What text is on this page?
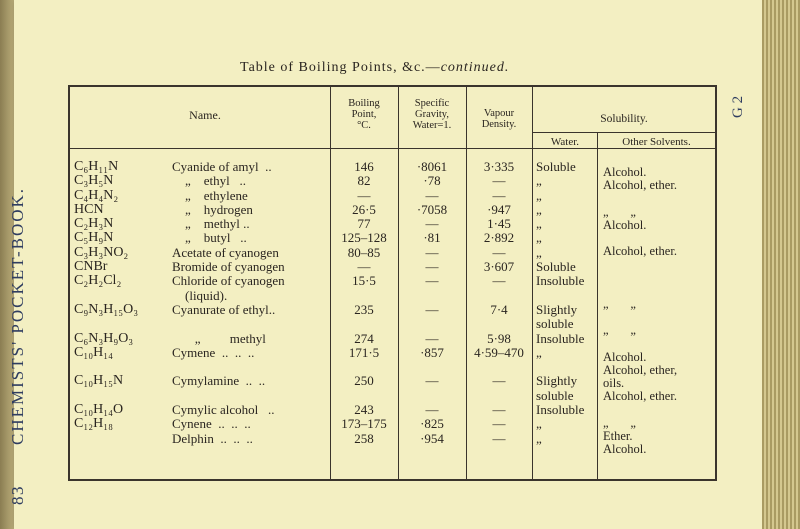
83
CHEMISTS' POCKET-BOOK.
G 2
Table of Boiling Points, &c.—continued.
Name.
Boiling
Point,
°C.
Specific
Gravity,
Water=1.
Vapour
Density.	Solubility.
Water.	Other Solvents.
C₆H₁₁N
C₃H₅N
C₄H₄N₂
HCN
C₂H₃N
C₅H₉N
C₃H₃NO₂
CNBr
C₂H₂Cl₂
C₉N₃H₁₅O₃
C₆N₃H₉O₃
C₁₀H₁₄
C₁₀H₁₅N
C₁₀H₁₄O
C₁₂H₁₈
Cyanide of amyl  ..
„    ethyl   ..
„    ethylene
„    hydrogen
„    methyl ..
„    butyl   ..
Acetate of cyanogen
Bromide of cyanogen
Chloride of cyanogen
(liquid).
Cyanurate of ethyl..
„         methyl
Cymene  ..  ..  ..
Cymylamine  ..  ..
Cymylic alcohol   ..
Cynene  ..  ..  ..
Delphin  ..  ..  ..
146
82
—
26·5
77
125–128
80–85
—
15·5
235
274
171·5
250
243
173–175
258
·8061
·78
—
·7058
—
·81
—
—
—
—
—
·857
—
—
·825
·954
3·335
—
—
·947
1·45
2·892
—
3·607
—
7·4
5·98
4·59–470
—
—
—
—
Soluble
„
„
„
„
„
„
Soluble
Insoluble
Slightly
soluble
Insoluble
„
Slightly
soluble
Insoluble
„
„
Alcohol.
Alcohol, ether.
„       „
Alcohol.
Alcohol, ether.
„       „
„       „
Alcohol.
Alcohol, ether,
oils.
Alcohol, ether.
„       „
Ether.
Alcohol.
